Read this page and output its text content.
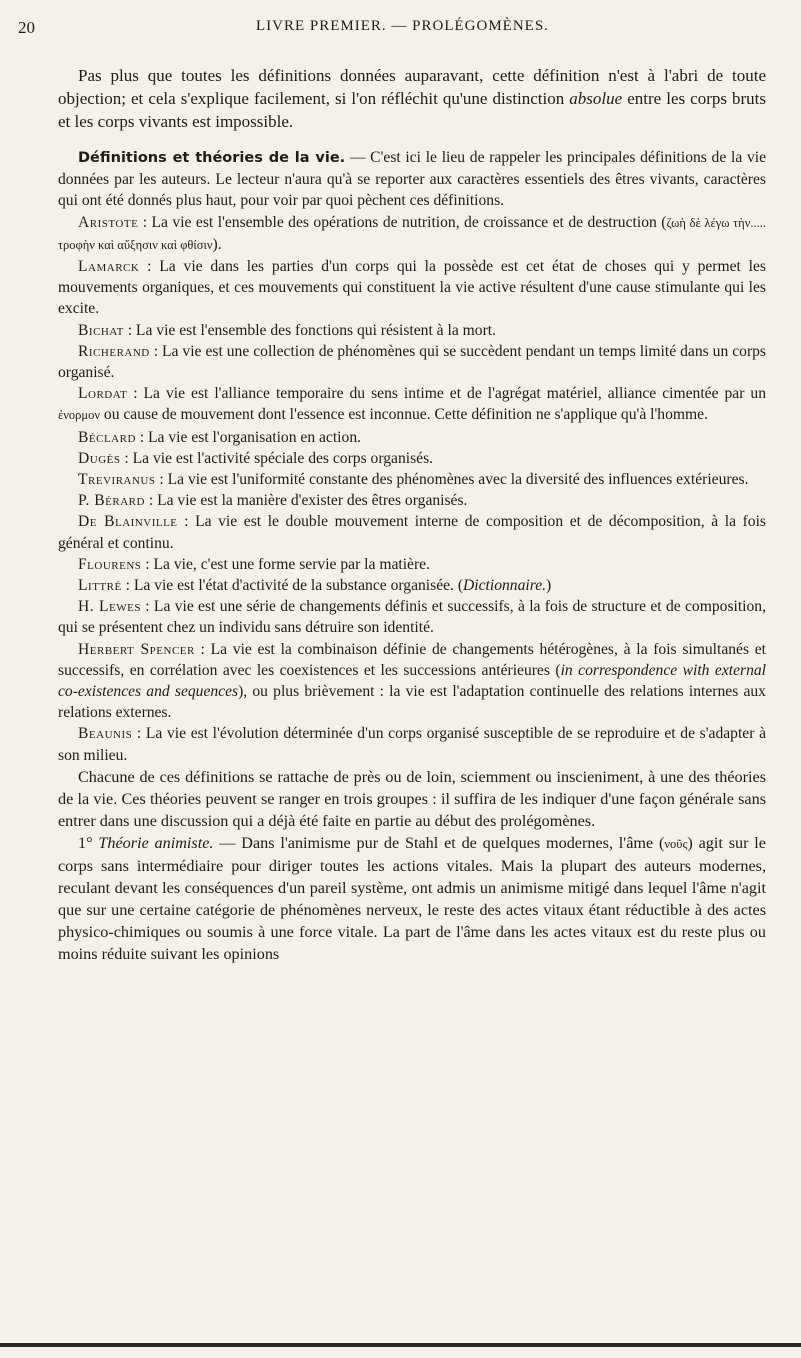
20	LIVRE PREMIER. — PROLÉGOMÈNES.

Pas plus que toutes les définitions données auparavant, cette définition n'est à l'abri de toute objection; et cela s'explique facilement, si l'on réfléchit qu'une distinction absolue entre les corps bruts et les corps vivants est impossible.

Définitions et théories de la vie. — C'est ici le lieu de rappeler les principales définitions de la vie données par les auteurs. Le lecteur n'aura qu'à se reporter aux caractères essentiels des êtres vivants, caractères qui ont été donnés plus haut, pour voir par quoi pèchent ces définitions.

Aristote : La vie est l'ensemble des opérations de nutrition, de croissance et de destruction (ζωὴ δὲ λέγω τὴν..... τροφὴν καὶ αὔξησιν καὶ φθίσιν).

Lamarck : La vie dans les parties d'un corps qui la possède est cet état de choses qui y permet les mouvements organiques, et ces mouvements qui constituent la vie active résultent d'une cause stimulante qui les excite.

Bichat : La vie est l'ensemble des fonctions qui résistent à la mort.

Richerand : La vie est une collection de phénomènes qui se succèdent pendant un temps limité dans un corps organisé.

Lordat : La vie est l'alliance temporaire du sens intime et de l'agrégat matériel, alliance cimentée par un ἐνορμον ou cause de mouvement dont l'essence est inconnue. Cette définition ne s'applique qu'à l'homme.

Béclard : La vie est l'organisation en action.

Dugès : La vie est l'activité spéciale des corps organisés.

Treviranus : La vie est l'uniformité constante des phénomènes avec la diversité des influences extérieures.

P. Bérard : La vie est la manière d'exister des êtres organisés.

De Blainville : La vie est le double mouvement interne de composition et de décomposition, à la fois général et continu.

Flourens : La vie, c'est une forme servie par la matière.

Littré : La vie est l'état d'activité de la substance organisée. (Dictionnaire.)

H. Lewes : La vie est une série de changements définis et successifs, à la fois de structure et de composition, qui se présentent chez un individu sans détruire son identité.

Herbert Spencer : La vie est la combinaison définie de changements hétérogènes, à la fois simultanés et successifs, en corrélation avec les coexistences et les successions antérieures (in correspondence with external co-existences and sequences), ou plus brièvement : la vie est l'adaptation continuelle des relations internes aux relations externes.

Beaunis : La vie est l'évolution déterminée d'un corps organisé susceptible de se reproduire et de s'adapter à son milieu.

Chacune de ces définitions se rattache de près ou de loin, sciemment ou inscieniment, à une des théories de la vie. Ces théories peuvent se ranger en trois groupes : il suffira de les indiquer d'une façon générale sans entrer dans une discussion qui a déjà été faite en partie au début des prolégomènes.

1° Théorie animiste. — Dans l'animisme pur de Stahl et de quelques modernes, l'âme (νοῦς) agit sur le corps sans intermédiaire pour diriger toutes les actions vitales. Mais la plupart des auteurs modernes, reculant devant les conséquences d'un pareil système, ont admis un animisme mitigé dans lequel l'âme n'agit que sur une certaine catégorie de phénomènes nerveux, le reste des actes vitaux étant réductible à des actes physico-chimiques ou soumis à une force vitale. La part de l'âme dans les actes vitaux est du reste plus ou moins réduite suivant les opinions
